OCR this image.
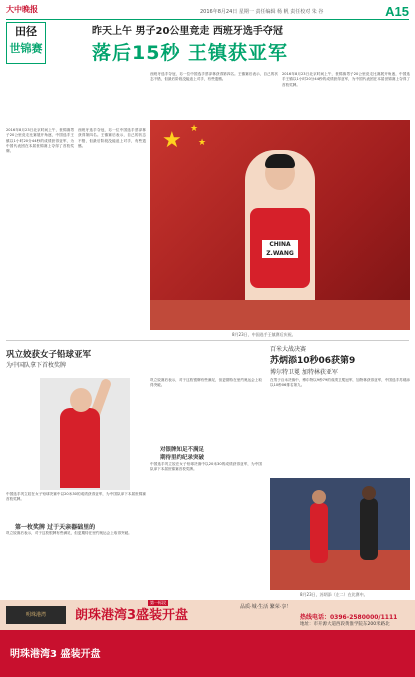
大中晚报	2016年8月24日 星期一 责任编辑 杨 帆 责任校对 朱 谷	A15
田径
世锦赛
昨天上午 男子20公里竞走 西班牙选手夺冠
落后15秒 王镇获亚军
2016年8月23日北京时间上午，世锦赛男子20公里竞走比赛展开角逐，中国选手王镇以1小时20分44秒的成绩获得亚军，为中国代表团在本届世锦赛上夺得了首枚奖牌。
西班牙选手夺冠，另一位中国选手蔡泽林获得第四名。王镇赛后表示，自己的状态不错，但最后阶段没能追上对手，有些遗憾。
西班牙选手夺冠，另一位中国选手蔡泽林获得第四名。王镇赛后表示，自己的状态不错，但最后阶段没能追上对手，有些遗憾。
2016年8月23日北京时间上午，世锦赛男子20公里竞走比赛展开角逐，中国选手王镇以1小时20分44秒的成绩获得亚军，为中国代表团在本届世锦赛上夺得了首枚奖牌。
★ ★
★
CHINA Z.WANG
8月23日，中国选手王镇赛后庆祝。
巩立姣获女子铅球亚军
为中国队拿下首枚奖牌
中国选手巩立姣在女子铅球决赛中以20米30的成绩获得亚军，为中国队拿下本届世锦赛首枚奖牌。
第一枚奖牌 过于天亲器础里的
巩立姣赛后表示，对于这枚银牌有些满足，但更期待在里约奥运会上取得突破。
巩立姣赛后表示，对于这枚银牌有些满足，但更期待在里约奥运会上取得突破。
对银牌知足不满足
期待里约纪录突破
中国选手巩立姣在女子铅球决赛中以20米30的成绩获得亚军，为中国队拿下本届世锦赛首枚奖牌。
百米大战决赛
苏炳添10秒06获第9
博尔特卫冕 加特林获亚军
在男子百米决赛中，博尔特以9秒79的成绩卫冕冠军，加特林获得亚军，中国选手苏炳添以10秒06排名第九。
8月23日，苏炳添（左二）在比赛中。
明珠港湾	朗珠港湾3盛装开盘
第一标段
品质·城·生活 繁荣·享！
热线电话：0396-2580000/1111
地址：市开源大道西段黄淮学院东200米路北
明珠港湾3 盛装开盘
